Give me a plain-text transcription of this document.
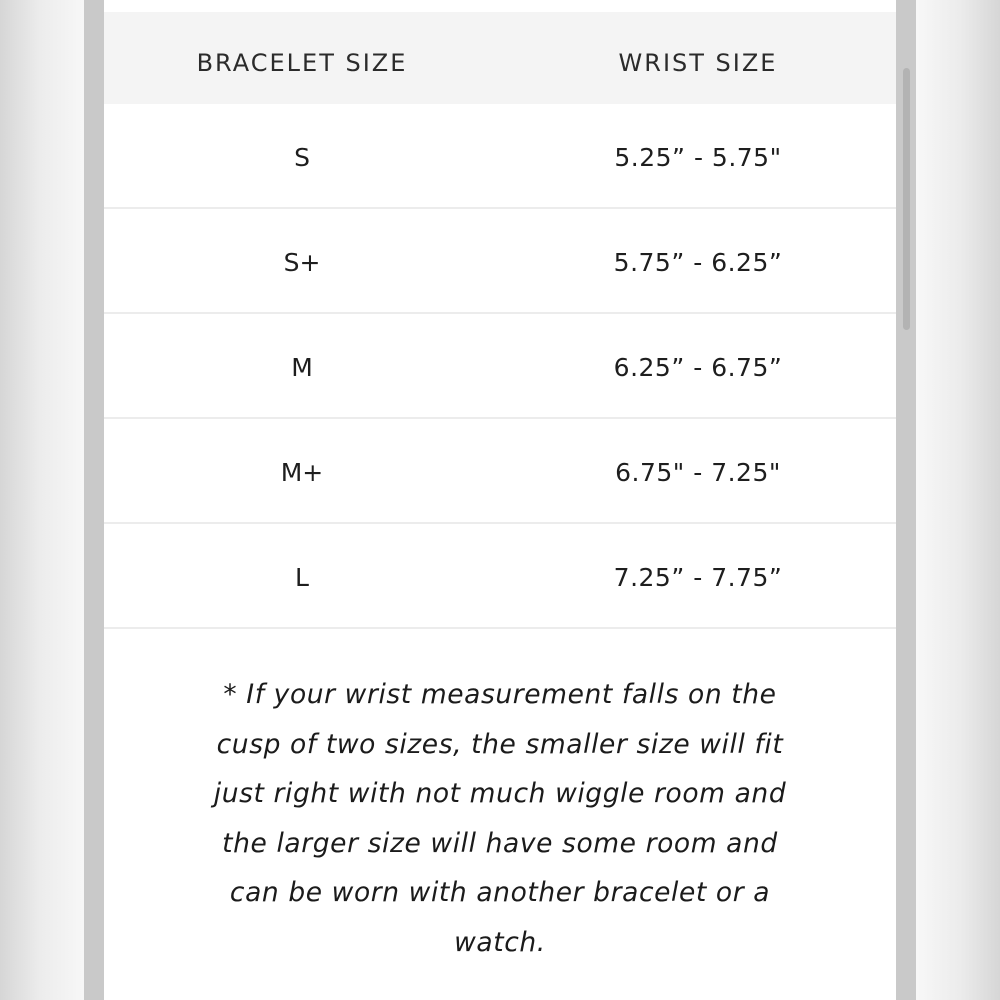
BRACELET SIZE	WRIST SIZE
S	5.25” - 5.75"
S+	5.75” - 6.25”
M	6.25” - 6.75”
M+	6.75" - 7.25"
L	7.25” - 7.75”
* If your wrist measurement falls on the
cusp of two sizes, the smaller size will fit
just right with not much wiggle room and
the larger size will have some room and
can be worn with another bracelet or a
watch.
